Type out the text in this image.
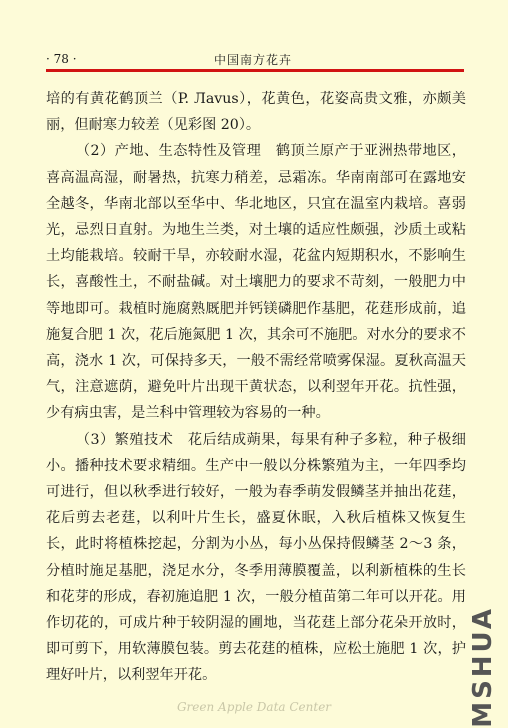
· 78 ·	中国南方花卉

培的有黄花鹤顶兰（P. Лavus），花黄色，花姿高贵文雅，亦颇美丽，但耐寒力较差（见彩图 20）。

（2）产地、生态特性及管理　鹤顶兰原产于亚洲热带地区，喜高温高湿，耐暑热，抗寒力稍差，忌霜冻。华南南部可在露地安全越冬，华南北部以至华中、华北地区，只宜在温室内栽培。喜弱光，忌烈日直射。为地生兰类，对土壤的适应性颇强，沙质土或粘土均能栽培。较耐干旱，亦较耐水湿，花盆内短期积水，不影响生长，喜酸性土，不耐盐碱。对土壤肥力的要求不苛刻，一般肥力中等地即可。栽植时施腐熟厩肥并钙镁磷肥作基肥，花莛形成前，追施复合肥 1 次，花后施氮肥 1 次，其余可不施肥。对水分的要求不高，浇水 1 次，可保持多天，一般不需经常喷雾保湿。夏秋高温天气，注意遮荫，避免叶片出现干黄状态，以利翌年开花。抗性强，少有病虫害，是兰科中管理较为容易的一种。

（3）繁殖技术　花后结成蒴果，每果有种子多粒，种子极细小。播种技术要求精细。生产中一般以分株繁殖为主，一年四季均可进行，但以秋季进行较好，一般为春季萌发假鳞茎并抽出花莛，花后剪去老莛，以利叶片生长，盛夏休眠，入秋后植株又恢复生长，此时将植株挖起，分割为小丛，每小丛保持假鳞茎 2～3 条，分植时施足基肥，浇足水分，冬季用薄膜覆盖，以利新植株的生长和花芽的形成，春初施追肥 1 次，一般分植苗第二年可以开花。用作切花的，可成片种于较阴湿的圃地，当花莛上部分花朵开放时，即可剪下，用软薄膜包装。剪去花莛的植株，应松土施肥 1 次，护理好叶片，以利翌年开花。	MSHUA
Green Apple Data Center
